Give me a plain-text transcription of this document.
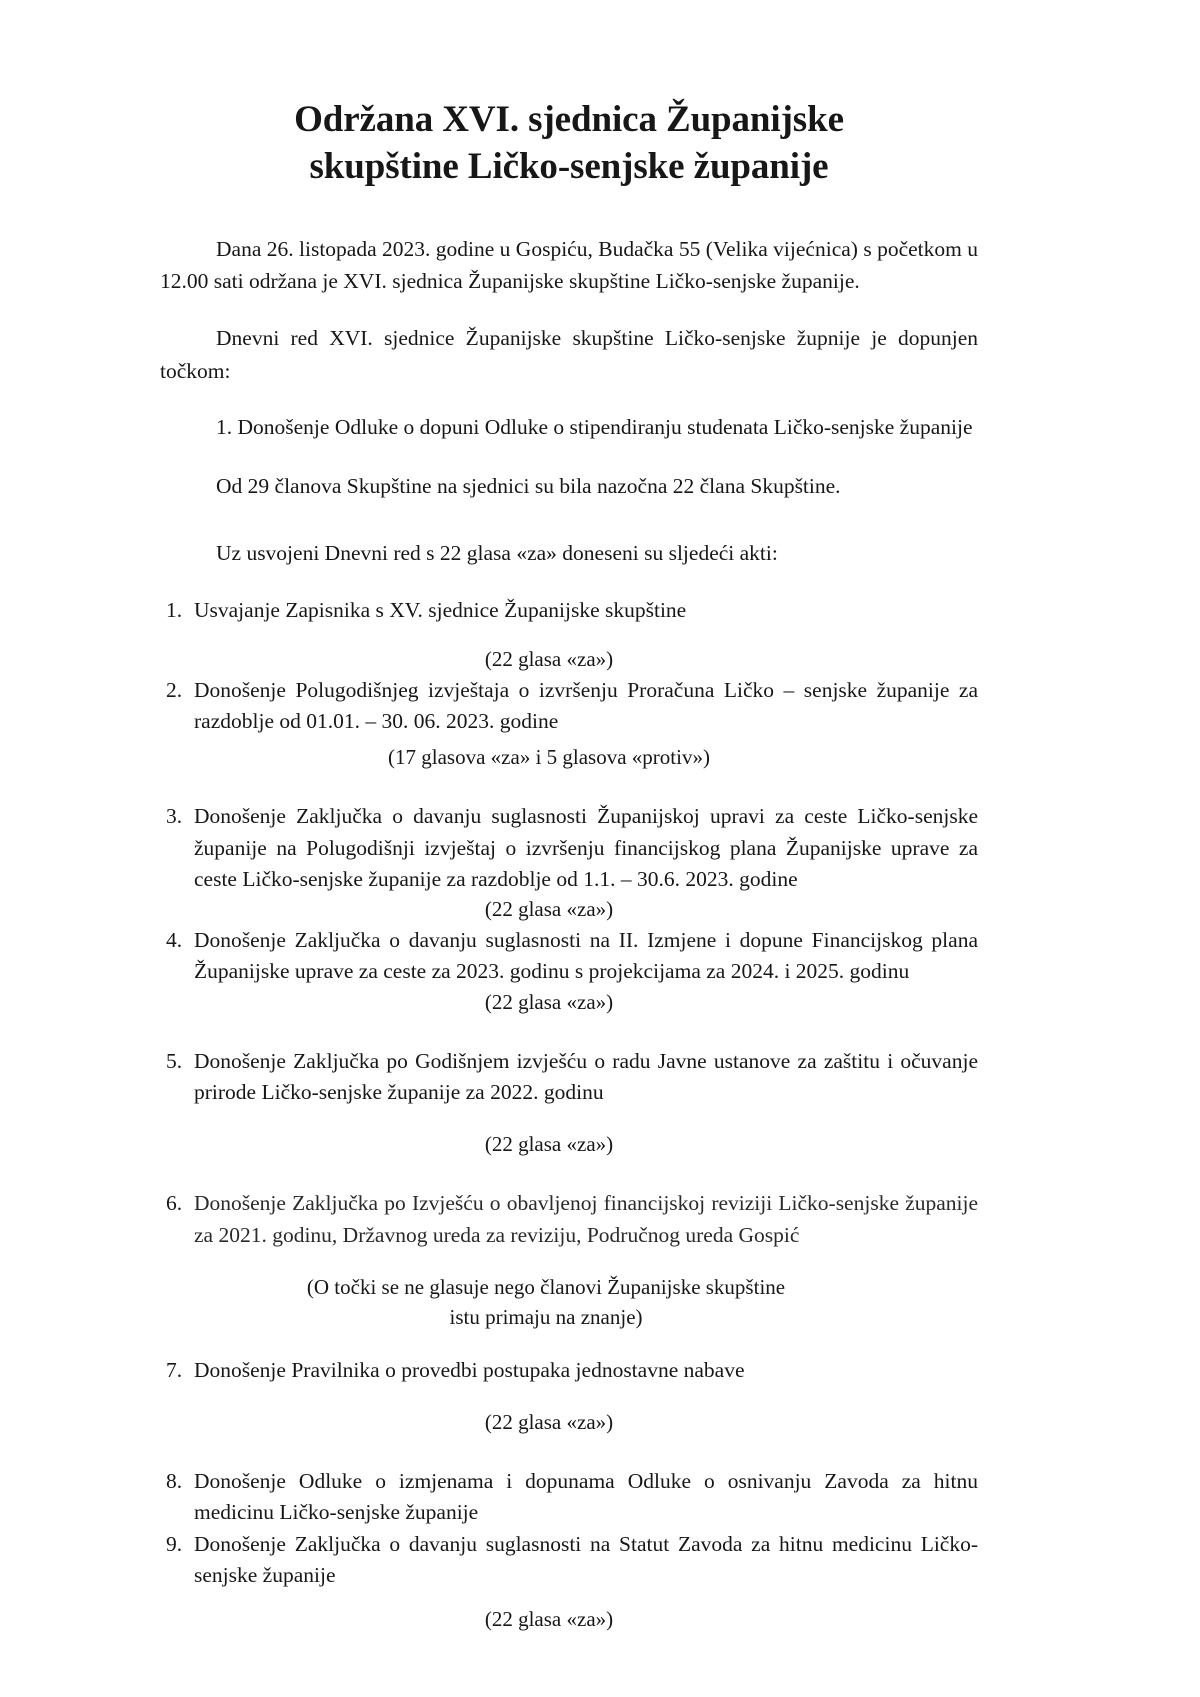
Održana XVI. sjednica Županijske
skupštine Ličko-senjske županije

Dana 26. listopada 2023. godine u Gospiću, Budačka 55 (Velika vijećnica) s početkom u 12.00 sati održana je XVI. sjednica Županijske skupštine Ličko-senjske županije.

Dnevni red XVI. sjednice Županijske skupštine Ličko-senjske župnije je dopunjen točkom:

1. Donošenje Odluke o dopuni Odluke o stipendiranju studenata Ličko-senjske županije

Od 29 članova Skupštine na sjednici su bila nazočna 22 člana Skupštine.

Uz usvojeni Dnevni red s 22 glasa «za» doneseni su sljedeći akti:

1. Usvajanje Zapisnika s XV. sjednice Županijske skupštine

(22 glasa «za»)

2. Donošenje Polugodišnjeg izvještaja o izvršenju Proračuna Ličko – senjske županije za razdoblje od 01.01. – 30. 06. 2023. godine

(17 glasova «za» i 5 glasova «protiv»)

3. Donošenje Zaključka o davanju suglasnosti Županijskoj upravi za ceste Ličko-senjske županije na Polugodišnji izvještaj o izvršenju financijskog plana Županijske uprave za ceste Ličko-senjske županije za razdoblje od 1.1. – 30.6. 2023. godine

(22 glasa «za»)

4. Donošenje Zaključka o davanju suglasnosti na II. Izmjene i dopune Financijskog plana Županijske uprave za ceste za 2023. godinu s projekcijama za 2024. i 2025. godinu

(22 glasa «za»)

5. Donošenje Zaključka po Godišnjem izvješću o radu Javne ustanove za zaštitu i očuvanje prirode Ličko-senjske županije za 2022. godinu

(22 glasa «za»)

6. Donošenje Zaključka po Izvješću o obavljenoj financijskoj reviziji Ličko-senjske županije za 2021. godinu, Državnog ureda za reviziju, Područnog ureda Gospić

(O točki se ne glasuje nego članovi Županijske skupštine

istu primaju na znanje)

7. Donošenje Pravilnika o provedbi postupaka jednostavne nabave

(22 glasa «za»)

8. Donošenje Odluke o izmjenama i dopunama Odluke o osnivanju Zavoda za hitnu medicinu Ličko-senjske županije
9. Donošenje Zaključka o davanju suglasnosti na Statut Zavoda za hitnu medicinu Ličko-senjske županije

(22 glasa «za»)
